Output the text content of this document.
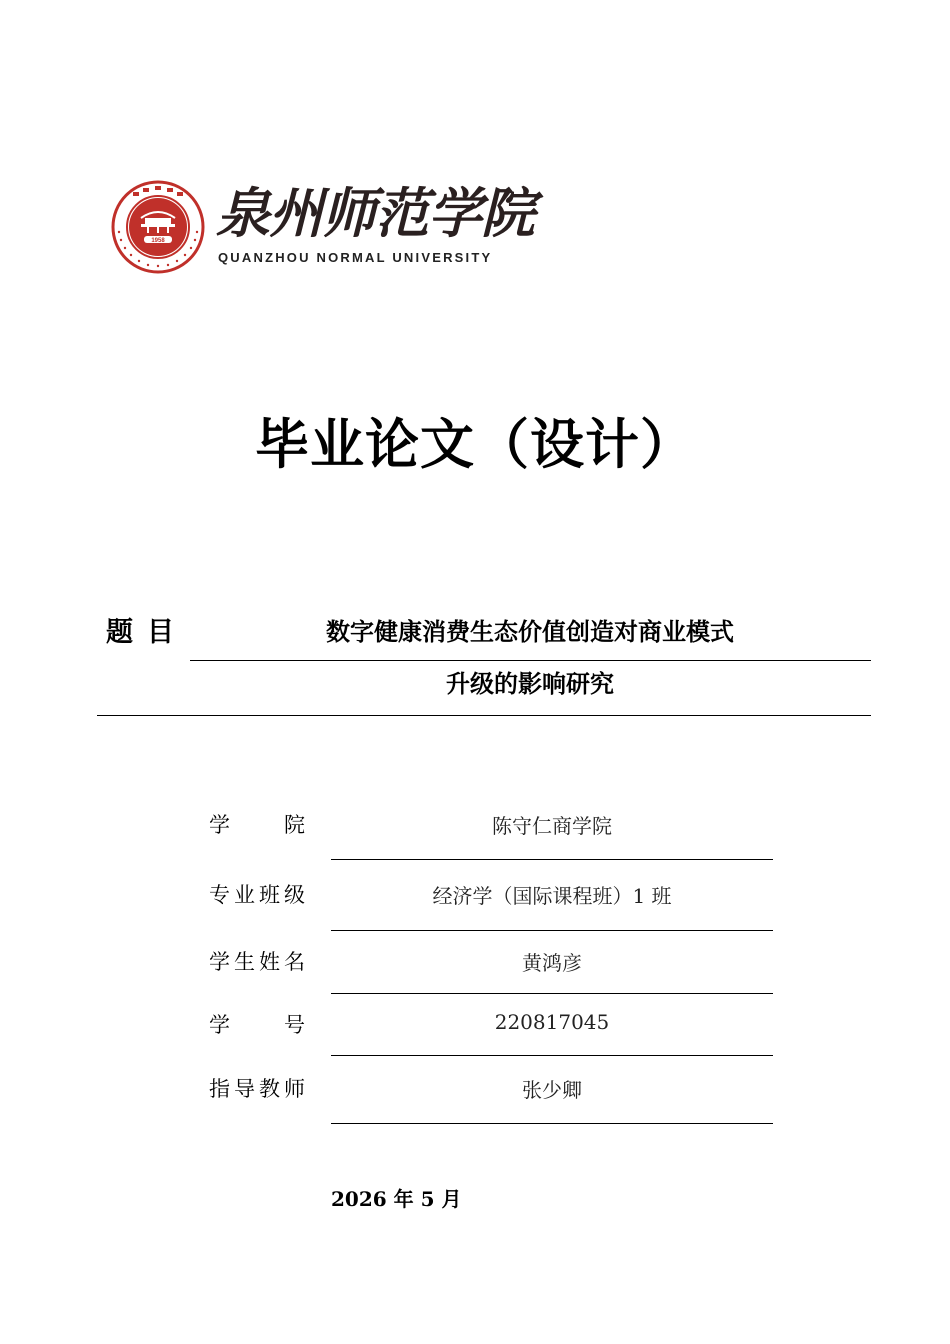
1958 泉州师范学院
QUANZHOU NORMAL UNIVERSITY
毕业论文（设计）
题目	数字健康消费生态价值创造对商业模式
升级的影响研究
学	院	陈守仁商学院
专 业 班 级	经济学（国际课程班）1 班
学 生 姓 名	黄鸿彦
学	号	220817045
指 导 教 师	张少卿
2026 年 5 月
